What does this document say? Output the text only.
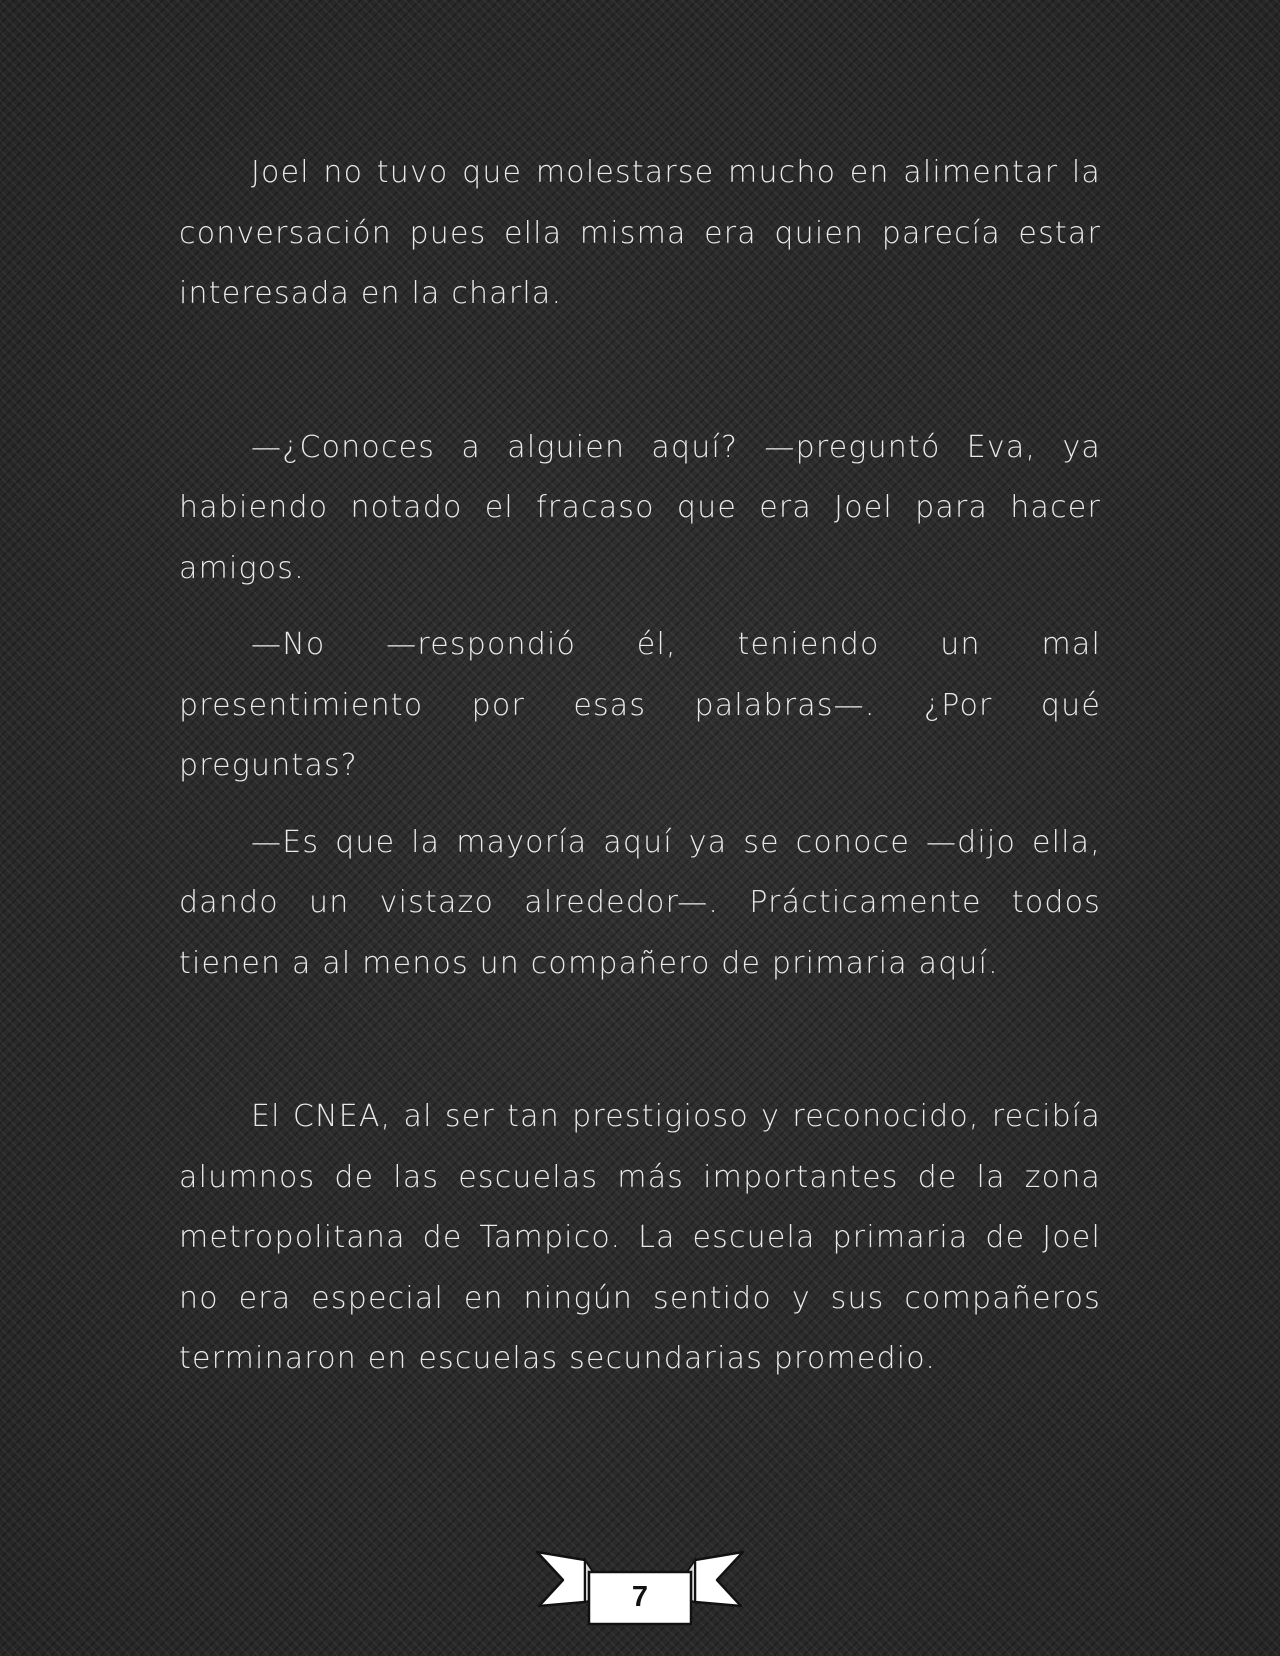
Joel no tuvo que molestarse mucho en alimentar la conversación pues ella misma era quien parecía estar interesada en la charla.

—¿Conoces a alguien aquí? —preguntó Eva, ya habiendo notado el fracaso que era Joel para hacer amigos.

—No —respondió él, teniendo un mal presentimiento por esas palabras—. ¿Por qué preguntas?

—Es que la mayoría aquí ya se conoce —dijo ella, dando un vistazo alrededor—. Prácticamente todos tienen a al menos un compañero de primaria aquí.

El CNEA, al ser tan prestigioso y reconocido, recibía alumnos de las escuelas más importantes de la zona metropolitana de Tampico. La escuela primaria de Joel no era especial en ningún sentido y sus compañeros terminaron en escuelas secundarias promedio.

7
